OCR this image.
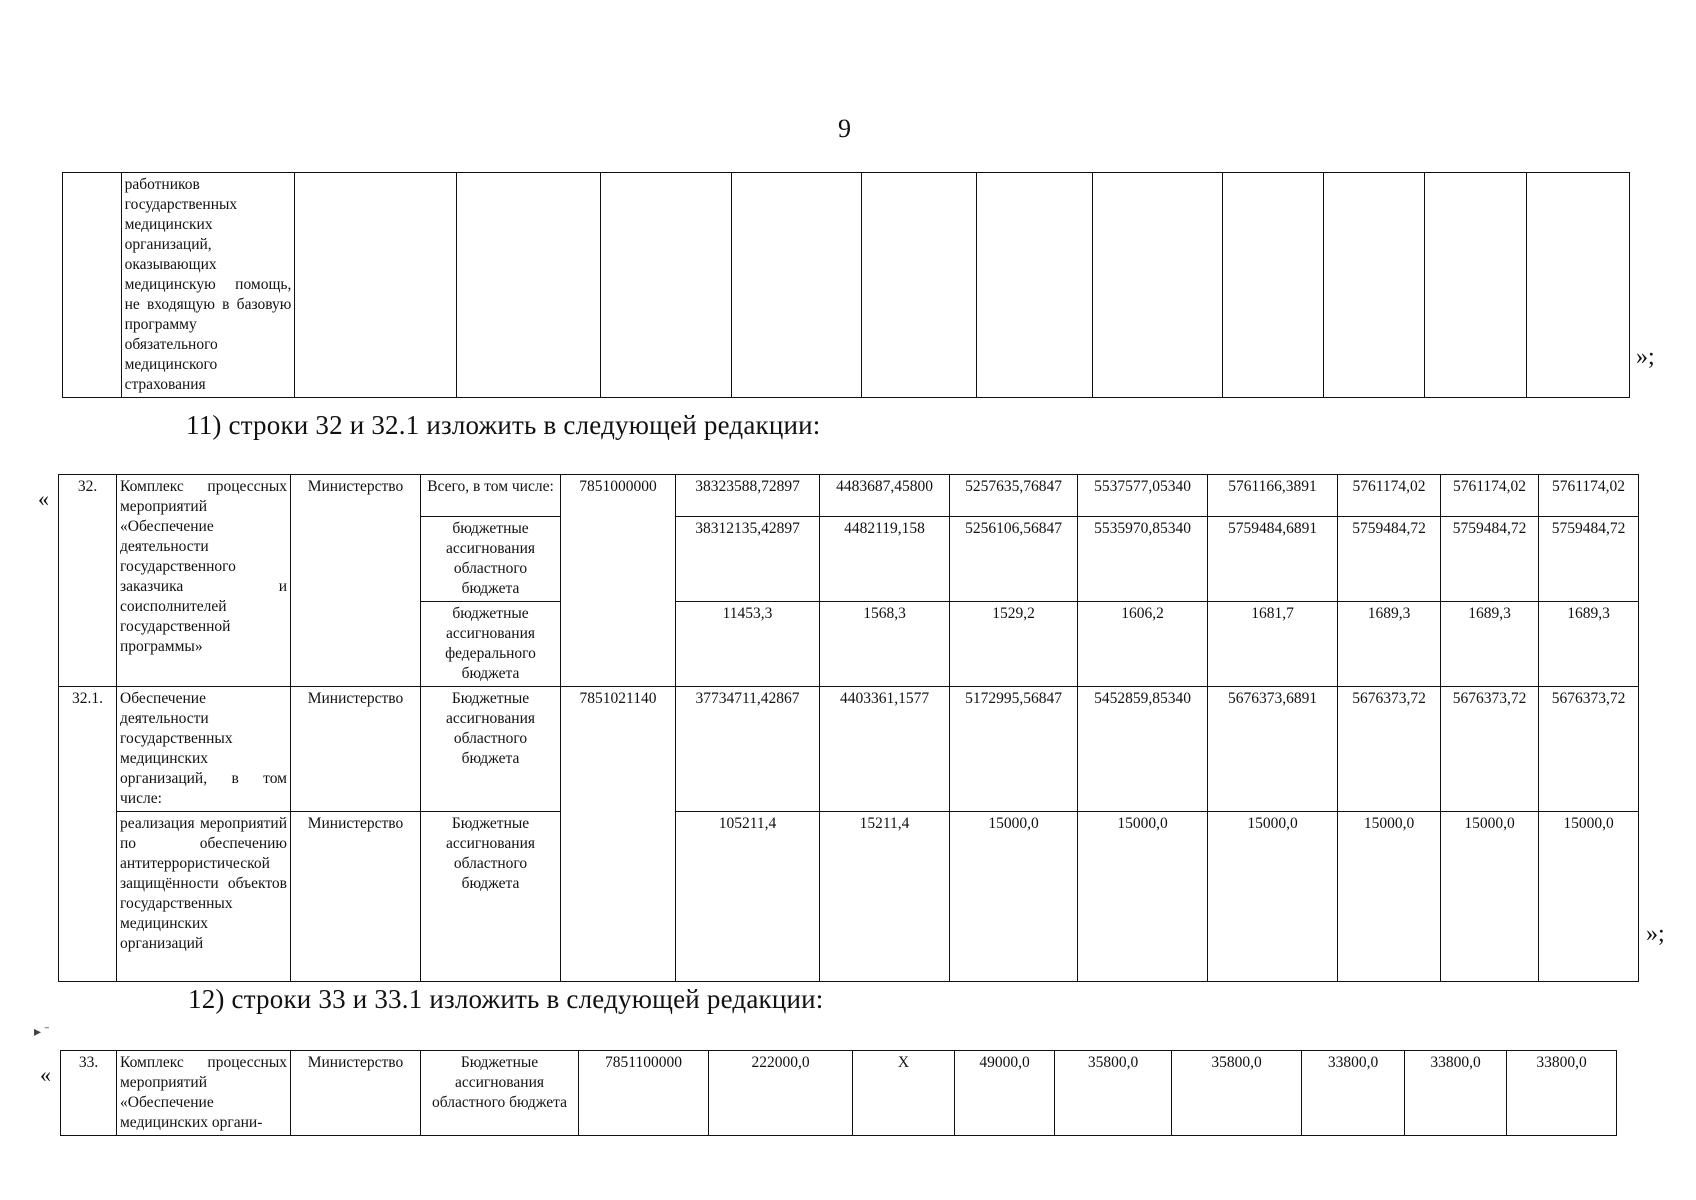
9
	работников государственных медицинских организаций, оказывающих медицинскую помощь, не входящую в базовую программу обязательного медицинского страхования											
»;
11) строки 32 и 32.1 изложить в следующей редакции:
« 32.	Комплекс процессных мероприятий «Обеспечение деятельности государственного заказчика и соисполнителей государственной программы»	Министерство	Всего, в том числе:	7851000000	38323588,72897	4483687,45800	5257635,76847	5537577,05340	5761166,3891	5761174,02	5761174,02	5761174,02
			бюджетные ассигнования областного бюджета		38312135,42897	4482119,158	5256106,56847	5535970,85340	5759484,6891	5759484,72	5759484,72	5759484,72
			бюджетные ассигнования федерального бюджета		11453,3	1568,3	1529,2	1606,2	1681,7	1689,3	1689,3	1689,3
32.1.	Обеспечение деятельности государственных медицинских организаций, в том числе:	Министерство	Бюджетные ассигнования областного бюджета	7851021140	37734711,42867	4403361,1577	5172995,56847	5452859,85340	5676373,6891	5676373,72	5676373,72	5676373,72
	реализация мероприятий по обеспечению антитеррористической защищённости объектов государственных медицинских организаций	Министерство	Бюджетные ассигнования областного бюджета		105211,4	15211,4	15000,0	15000,0	15000,0	15000,0	15000,0	15000,0
»;
▸ ˉ
12) строки 33 и 33.1 изложить в следующей редакции:
« 33.	Комплекс процессных мероприятий «Обеспечение медицинских органи-	Министерство	Бюджетные ассигнования областного бюджета	7851100000	222000,0	Х	49000,0	35800,0	35800,0	33800,0	33800,0	33800,0
